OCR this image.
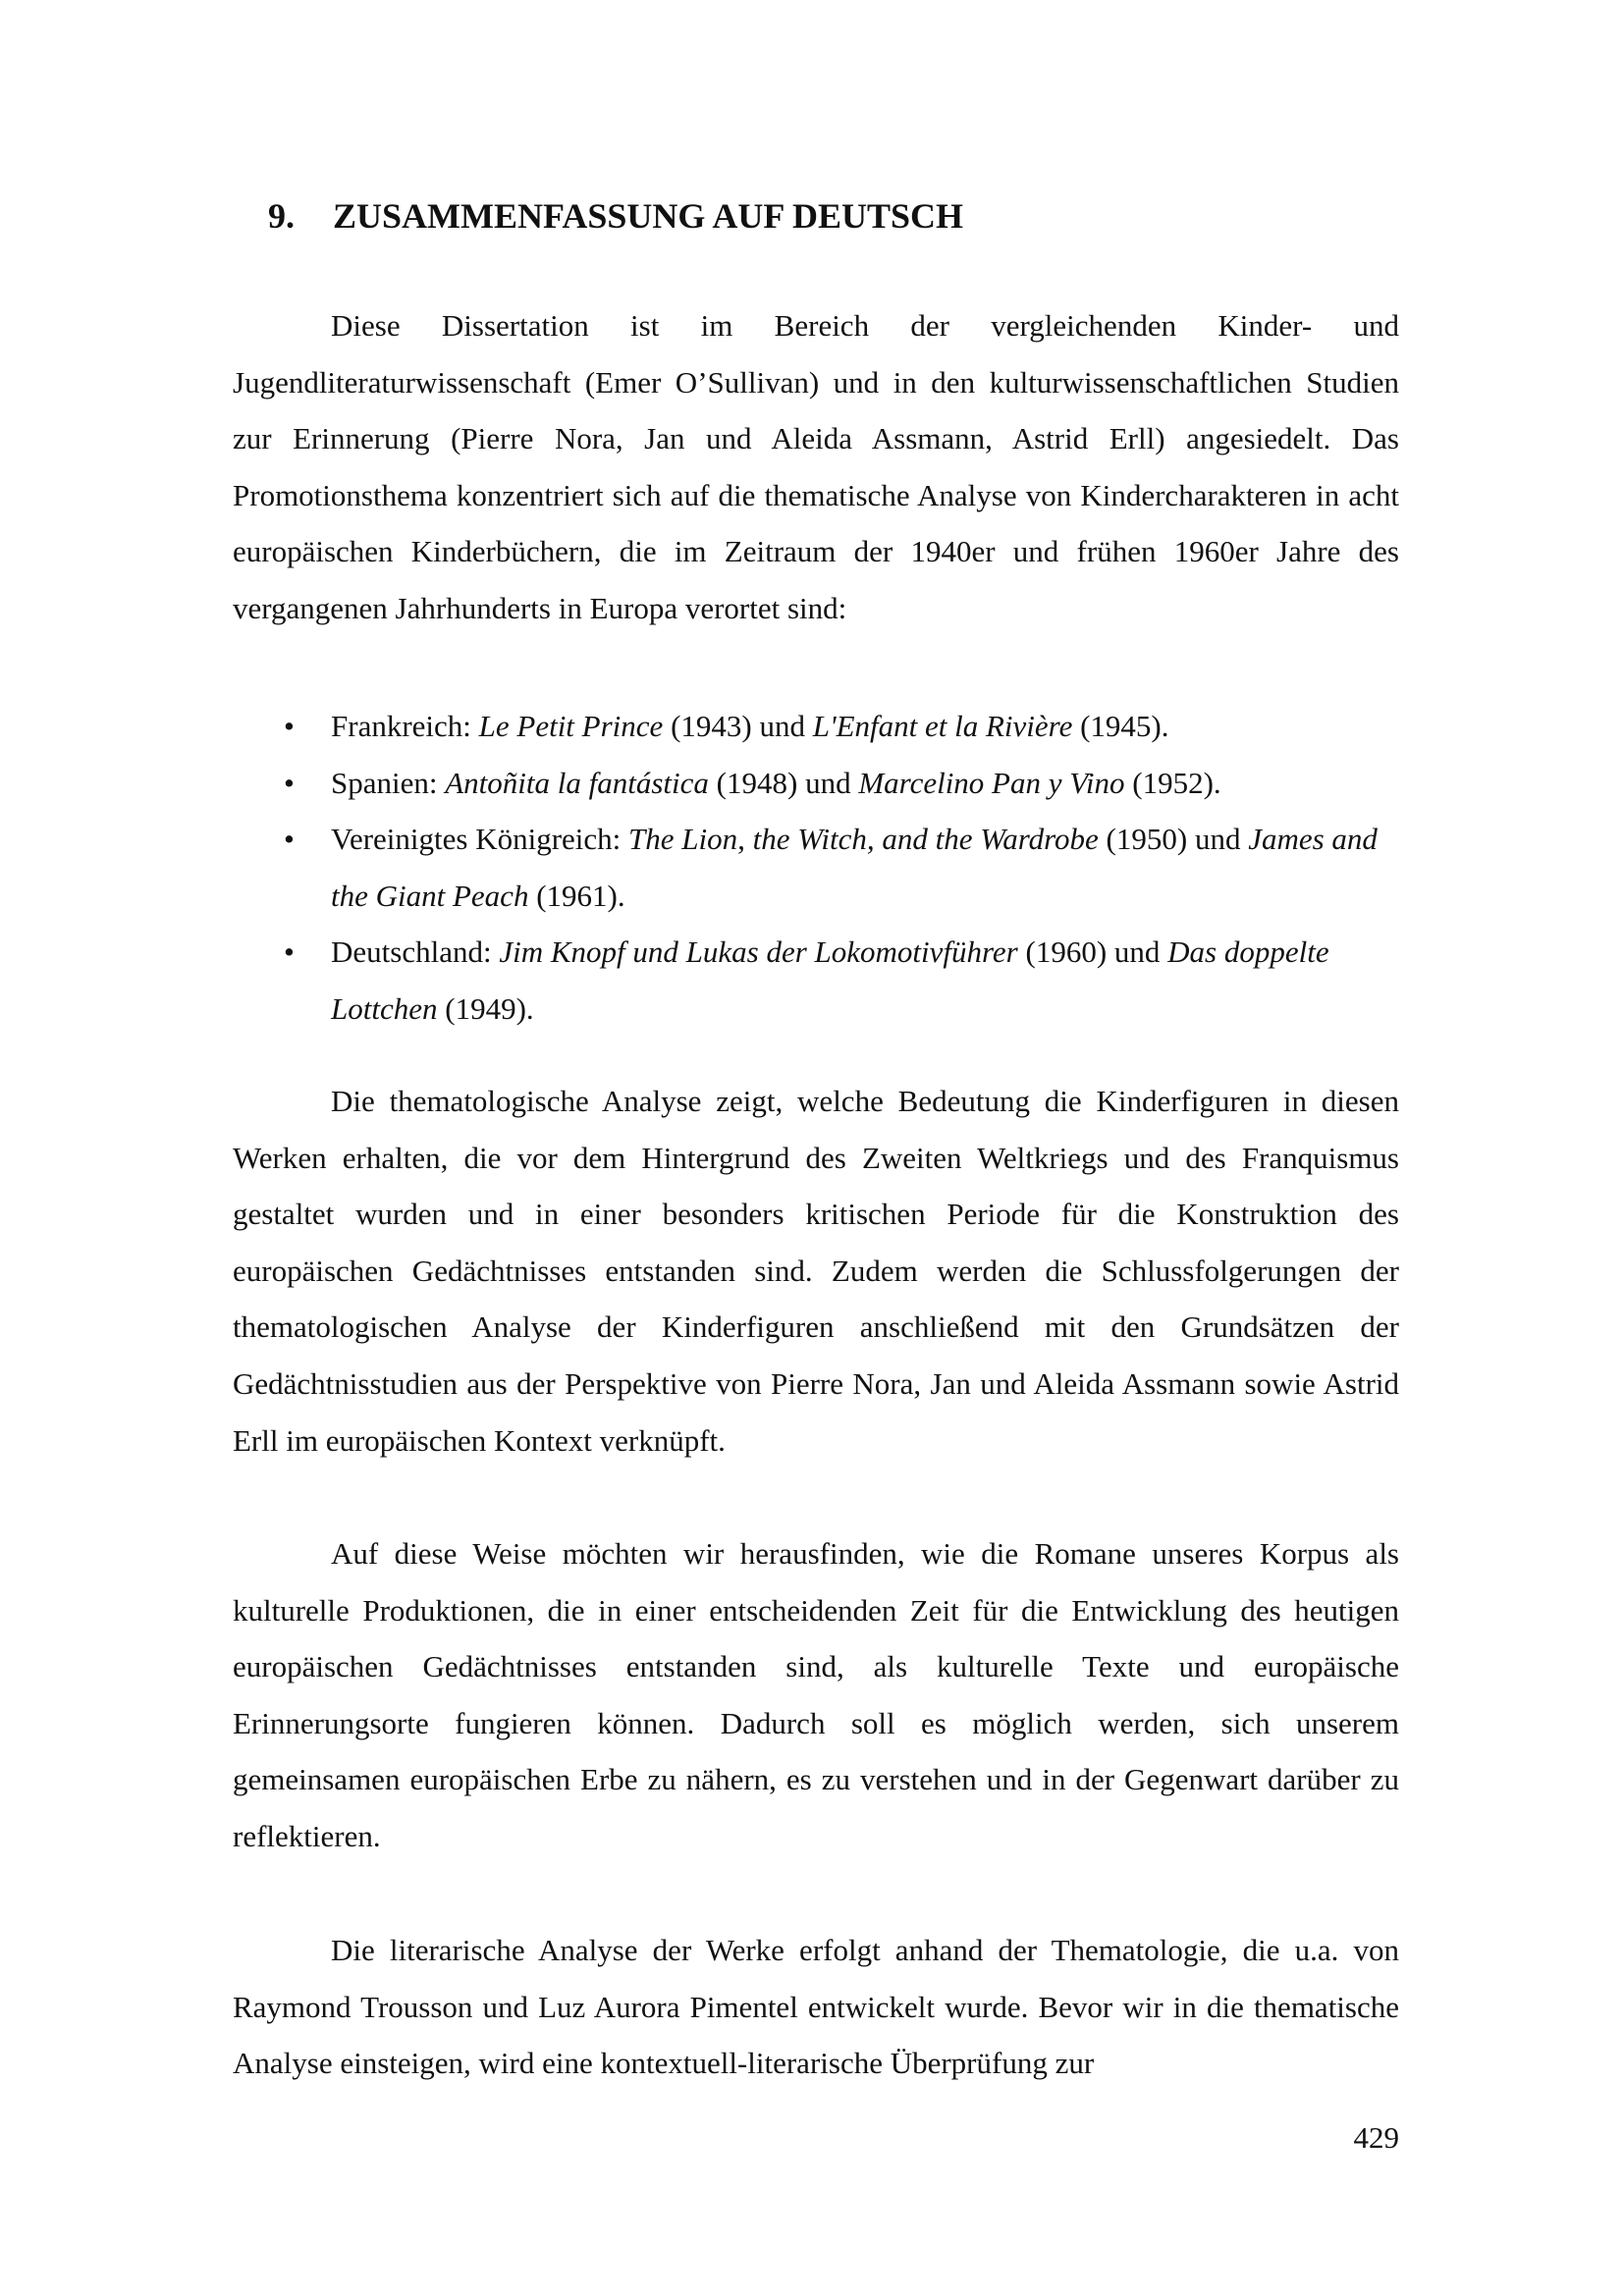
9. ZUSAMMENFASSUNG AUF DEUTSCH

Diese Dissertation ist im Bereich der vergleichenden Kinder- und Jugendliteraturwissenschaft (Emer O’Sullivan) und in den kulturwissenschaftlichen Studien zur Erinnerung (Pierre Nora, Jan und Aleida Assmann, Astrid Erll) angesiedelt. Das Promotionsthema konzentriert sich auf die thematische Analyse von Kindercharakteren in acht europäischen Kinderbüchern, die im Zeitraum der 1940er und frühen 1960er Jahre des vergangenen Jahrhunderts in Europa verortet sind:

• Frankreich: Le Petit Prince (1943) und L'Enfant et la Rivière (1945).
• Spanien: Antoñita la fantástica (1948) und Marcelino Pan y Vino (1952).
• Vereinigtes Königreich: The Lion, the Witch, and the Wardrobe (1950) und James and the Giant Peach (1961).
• Deutschland: Jim Knopf und Lukas der Lokomotivführer (1960) und Das doppelte Lottchen (1949).

Die thematologische Analyse zeigt, welche Bedeutung die Kinderfiguren in diesen Werken erhalten, die vor dem Hintergrund des Zweiten Weltkriegs und des Franquismus gestaltet wurden und in einer besonders kritischen Periode für die Konstruktion des europäischen Gedächtnisses entstanden sind. Zudem werden die Schlussfolgerungen der thematologischen Analyse der Kinderfiguren anschließend mit den Grundsätzen der Gedächtnisstudien aus der Perspektive von Pierre Nora, Jan und Aleida Assmann sowie Astrid Erll im europäischen Kontext verknüpft.

Auf diese Weise möchten wir herausfinden, wie die Romane unseres Korpus als kulturelle Produktionen, die in einer entscheidenden Zeit für die Entwicklung des heutigen europäischen Gedächtnisses entstanden sind, als kulturelle Texte und europäische Erinnerungsorte fungieren können. Dadurch soll es möglich werden, sich unserem gemeinsamen europäischen Erbe zu nähern, es zu verstehen und in der Gegenwart darüber zu reflektieren.

Die literarische Analyse der Werke erfolgt anhand der Thematologie, die u.a. von Raymond Trousson und Luz Aurora Pimentel entwickelt wurde. Bevor wir in die thematische Analyse einsteigen, wird eine kontextuell-literarische Überprüfung zur

429
